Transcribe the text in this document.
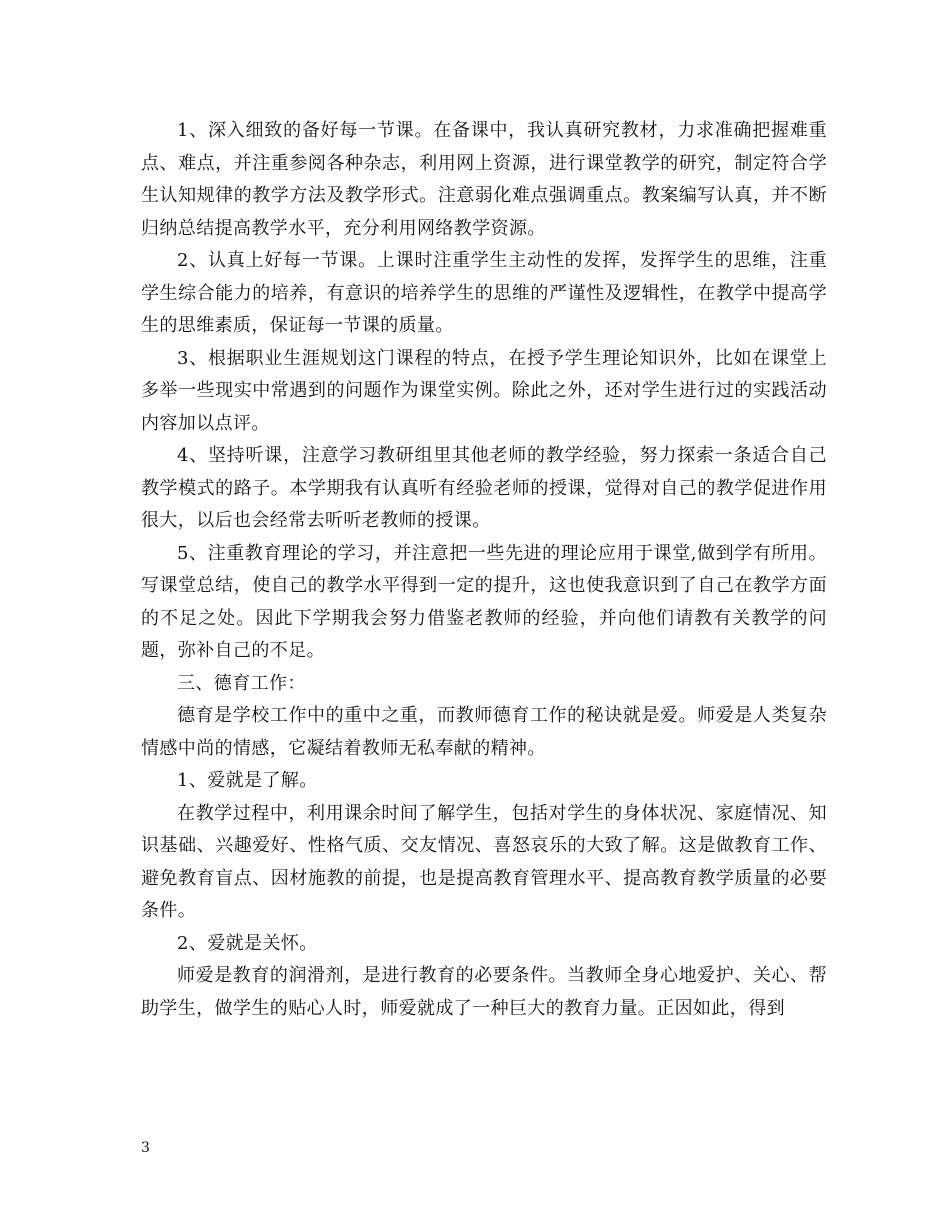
1、深入细致的备好每一节课。在备课中，我认真研究教材，力求准确把握难重点、难点，并注重参阅各种杂志，利用网上资源，进行课堂教学的研究，制定符合学生认知规律的教学方法及教学形式。注意弱化难点强调重点。教案编写认真，并不断归纳总结提高教学水平，充分利用网络教学资源。

2、认真上好每一节课。上课时注重学生主动性的发挥，发挥学生的思维，注重学生综合能力的培养，有意识的培养学生的思维的严谨性及逻辑性，在教学中提高学生的思维素质，保证每一节课的质量。

3、根据职业生涯规划这门课程的特点，在授予学生理论知识外，比如在课堂上多举一些现实中常遇到的问题作为课堂实例。除此之外，还对学生进行过的实践活动内容加以点评。

4、坚持听课，注意学习教研组里其他老师的教学经验，努力探索一条适合自己教学模式的路子。本学期我有认真听有经验老师的授课，觉得对自己的教学促进作用很大，以后也会经常去听听老教师的授课。

5、注重教育理论的学习，并注意把一些先进的理论应用于课堂,做到学有所用。写课堂总结，使自己的教学水平得到一定的提升，这也使我意识到了自己在教学方面的不足之处。因此下学期我会努力借鉴老教师的经验，并向他们请教有关教学的问题，弥补自己的不足。

三、德育工作：

德育是学校工作中的重中之重，而教师德育工作的秘诀就是爱。师爱是人类复杂情感中尚的情感，它凝结着教师无私奉献的精神。

1、爱就是了解。

在教学过程中，利用课余时间了解学生，包括对学生的身体状况、家庭情况、知识基础、兴趣爱好、性格气质、交友情况、喜怒哀乐的大致了解。这是做教育工作、避免教育盲点、因材施教的前提，也是提高教育管理水平、提高教育教学质量的必要条件。

2、爱就是关怀。

师爱是教育的润滑剂，是进行教育的必要条件。当教师全身心地爱护、关心、帮助学生，做学生的贴心人时，师爱就成了一种巨大的教育力量。正因如此，得到

3
